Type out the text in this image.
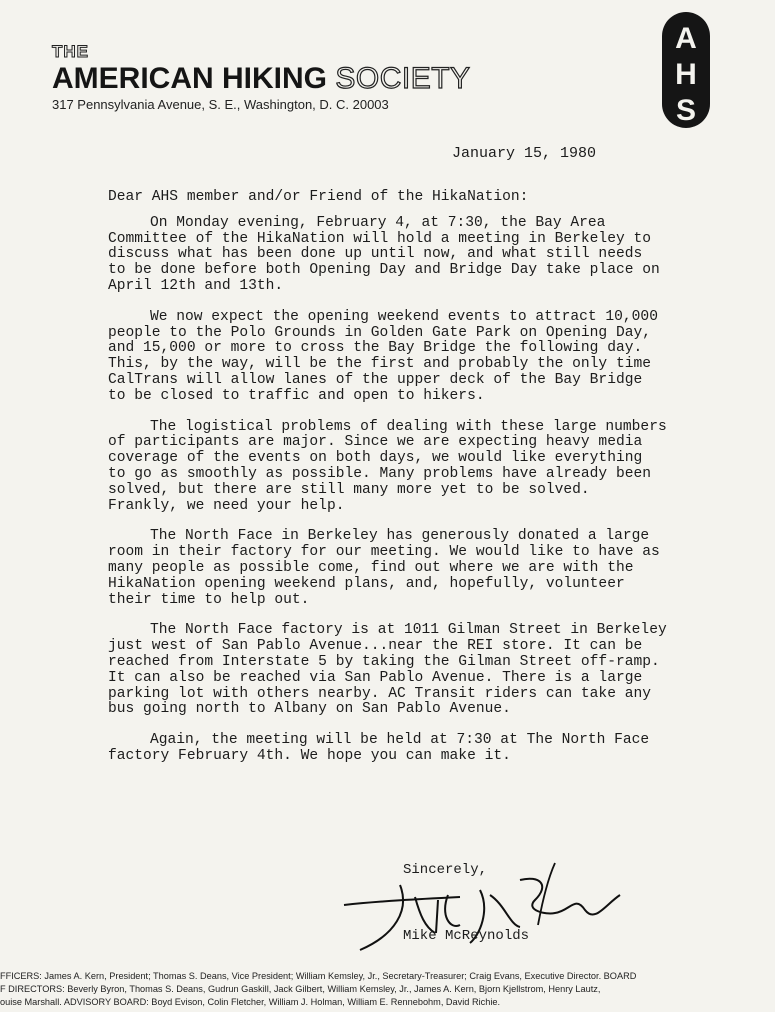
THE
AMERICAN HIKING SOCIETY
317 Pennsylvania Avenue, S. E., Washington, D. C. 20003
A
H
S
January 15, 1980

Dear AHS member and/or Friend of the HikaNation:

On Monday evening, February 4, at 7:30, the Bay Area Committee of the HikaNation will hold a meeting in Berkeley to discuss what has been done up until now, and what still needs to be done before both Opening Day and Bridge Day take place on April 12th and 13th.

We now expect the opening weekend events to attract 10,000 people to the Polo Grounds in Golden Gate Park on Opening Day, and 15,000 or more to cross the Bay Bridge the following day. This, by the way, will be the first and probably the only time CalTrans will allow lanes of the upper deck of the Bay Bridge to be closed to traffic and open to hikers.

The logistical problems of dealing with these large numbers of participants are major. Since we are expecting heavy media coverage of the events on both days, we would like everything to go as smoothly as possible. Many problems have already been solved, but there are still many more yet to be solved. Frankly, we need your help.

The North Face in Berkeley has generously donated a large room in their factory for our meeting. We would like to have as many people as possible come, find out where we are with the HikaNation opening weekend plans, and, hopefully, volunteer their time to help out.

The North Face factory is at 1011 Gilman Street in Berkeley just west of San Pablo Avenue...near the REI store. It can be reached from Interstate 5 by taking the Gilman Street off-ramp. It can also be reached via San Pablo Avenue. There is a large parking lot with others nearby. AC Transit riders can take any bus going north to Albany on San Pablo Avenue.

Again, the meeting will be held at 7:30 at The North Face factory February 4th. We hope you can make it.

Sincerely,
Mike McReynolds
FFICERS: James A. Kern, President; Thomas S. Deans, Vice President; William Kemsley, Jr., Secretary-Treasurer; Craig Evans, Executive Director. BOARD
F DIRECTORS: Beverly Byron, Thomas S. Deans, Gudrun Gaskill, Jack Gilbert, William Kemsley, Jr., James A. Kern, Bjorn Kjellstrom, Henry Lautz,
ouise Marshall. ADVISORY BOARD: Boyd Evison, Colin Fletcher, William J. Holman, William E. Rennebohm, David Richie.
